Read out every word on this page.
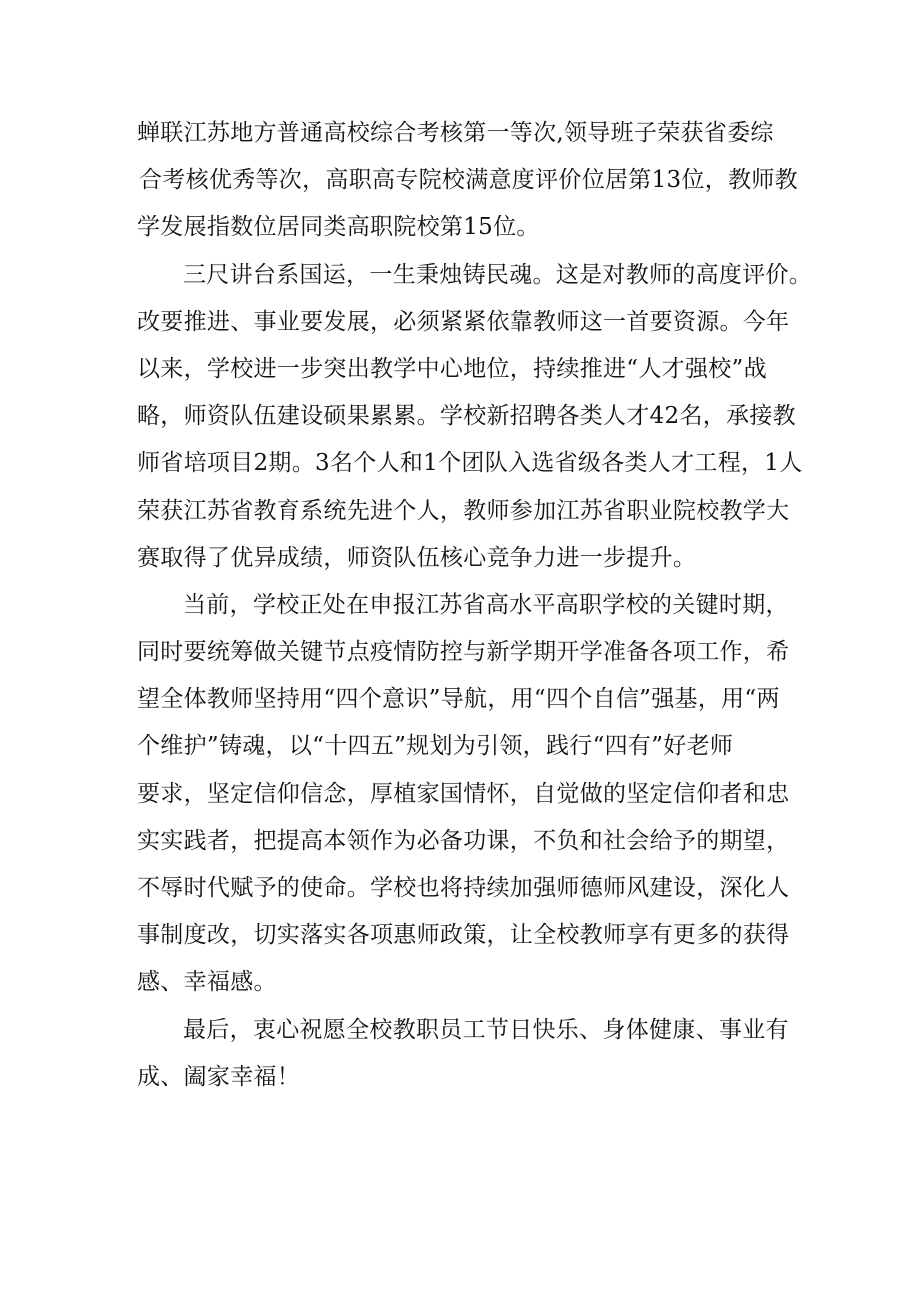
蝉联江苏地方普通高校综合考核第一等次,领导班子荣获省委综
合考核优秀等次，高职高专院校满意度评价位居第13位，教师教
学发展指数位居同类高职院校第15位。
三尺讲台系国运，一生秉烛铸民魂。这是对教师的高度评价。
改要推进、事业要发展，必须紧紧依靠教师这一首要资源。今年
以来，学校进一步突出教学中心地位，持续推进“人才强校”战
略，师资队伍建设硕果累累。学校新招聘各类人才42名，承接教
师省培项目2期。3名个人和1个团队入选省级各类人才工程，1人
荣获江苏省教育系统先进个人，教师参加江苏省职业院校教学大
赛取得了优异成绩，师资队伍核心竞争力进一步提升。
当前，学校正处在申报江苏省高水平高职学校的关键时期，
同时要统筹做关键节点疫情防控与新学期开学准备各项工作，希
望全体教师坚持用“四个意识”导航，用“四个自信”强基，用“两
个维护”铸魂，以“十四五”规划为引领，践行“四有”好老师
要求，坚定信仰信念，厚植家国情怀，自觉做的坚定信仰者和忠
实实践者，把提高本领作为必备功课，不负和社会给予的期望，
不辱时代赋予的使命。学校也将持续加强师德师风建设，深化人
事制度改，切实落实各项惠师政策，让全校教师享有更多的获得
感、幸福感。
最后，衷心祝愿全校教职员工节日快乐、身体健康、事业有
成、阖家幸福！
